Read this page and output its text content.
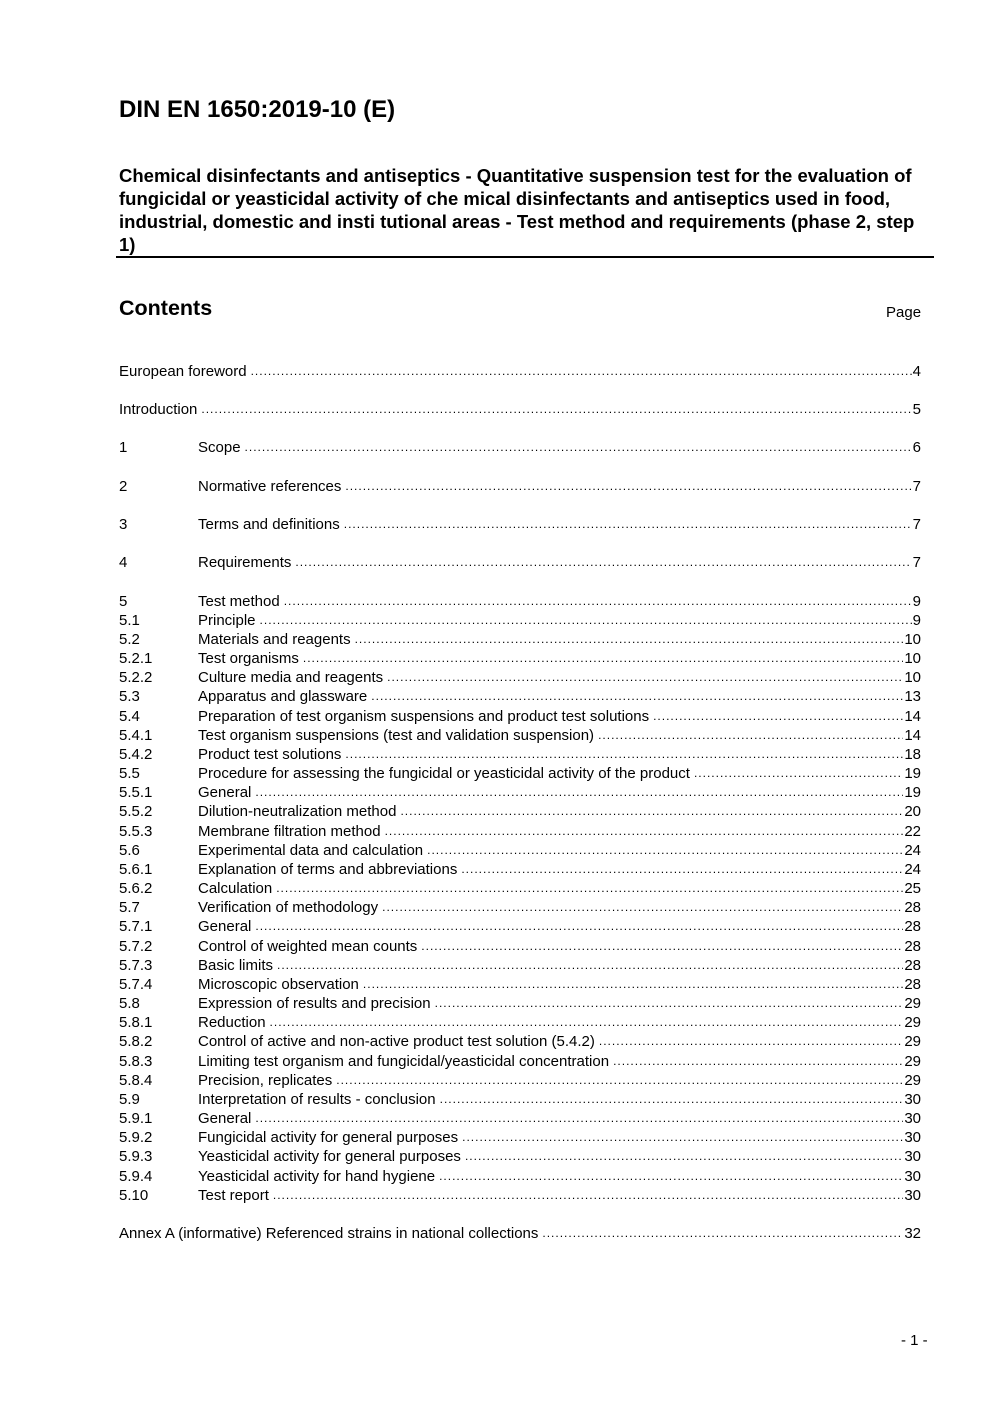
DIN EN 1650:2019-10 (E)
Chemical disinfectants and antiseptics - Quantitative suspension test for the evaluation of fungicidal or yeasticidal activity of che mical disinfectants and antiseptics used in food, industrial, domestic and insti tutional areas - Test method and requirements (phase 2, step 1)
Contents	Page
European foreword .....	4
Introduction .....	5
1	Scope .....	6
2	Normative references .....	7
3	Terms and definitions .....	7
4	Requirements .....	7
5	Test method .....	9
5.1	Principle .....	9
5.2	Materials and reagents .....	10
5.2.1	Test organisms .....	10
5.2.2	Culture media and reagents .....	10
5.3	Apparatus and glassware .....	13
5.4	Preparation of test organism suspensions and product test solutions .....	14
5.4.1	Test organism suspensions (test and validation suspension) .....	14
5.4.2	Product test solutions .....	18
5.5	Procedure for assessing the fungicidal or yeasticidal activity of the product .....	19
5.5.1	General .....	19
5.5.2	Dilution-neutralization method .....	20
5.5.3	Membrane filtration method .....	22
5.6	Experimental data and calculation .....	24
5.6.1	Explanation of terms and abbreviations .....	24
5.6.2	Calculation .....	25
5.7	Verification of methodology .....	28
5.7.1	General .....	28
5.7.2	Control of weighted mean counts .....	28
5.7.3	Basic limits .....	28
5.7.4	Microscopic observation .....	28
5.8	Expression of results and precision .....	29
5.8.1	Reduction .....	29
5.8.2	Control of active and non-active product test solution (5.4.2) .....	29
5.8.3	Limiting test organism and fungicidal/yeasticidal concentration .....	29
5.8.4	Precision, replicates .....	29
5.9	Interpretation of results - conclusion .....	30
5.9.1	General .....	30
5.9.2	Fungicidal activity for general purposes .....	30
5.9.3	Yeasticidal activity for general purposes .....	30
5.9.4	Yeasticidal activity for hand hygiene .....	30
5.10	Test report .....	30
Annex A (informative) Referenced strains in national collections .....	32
- 1 -
